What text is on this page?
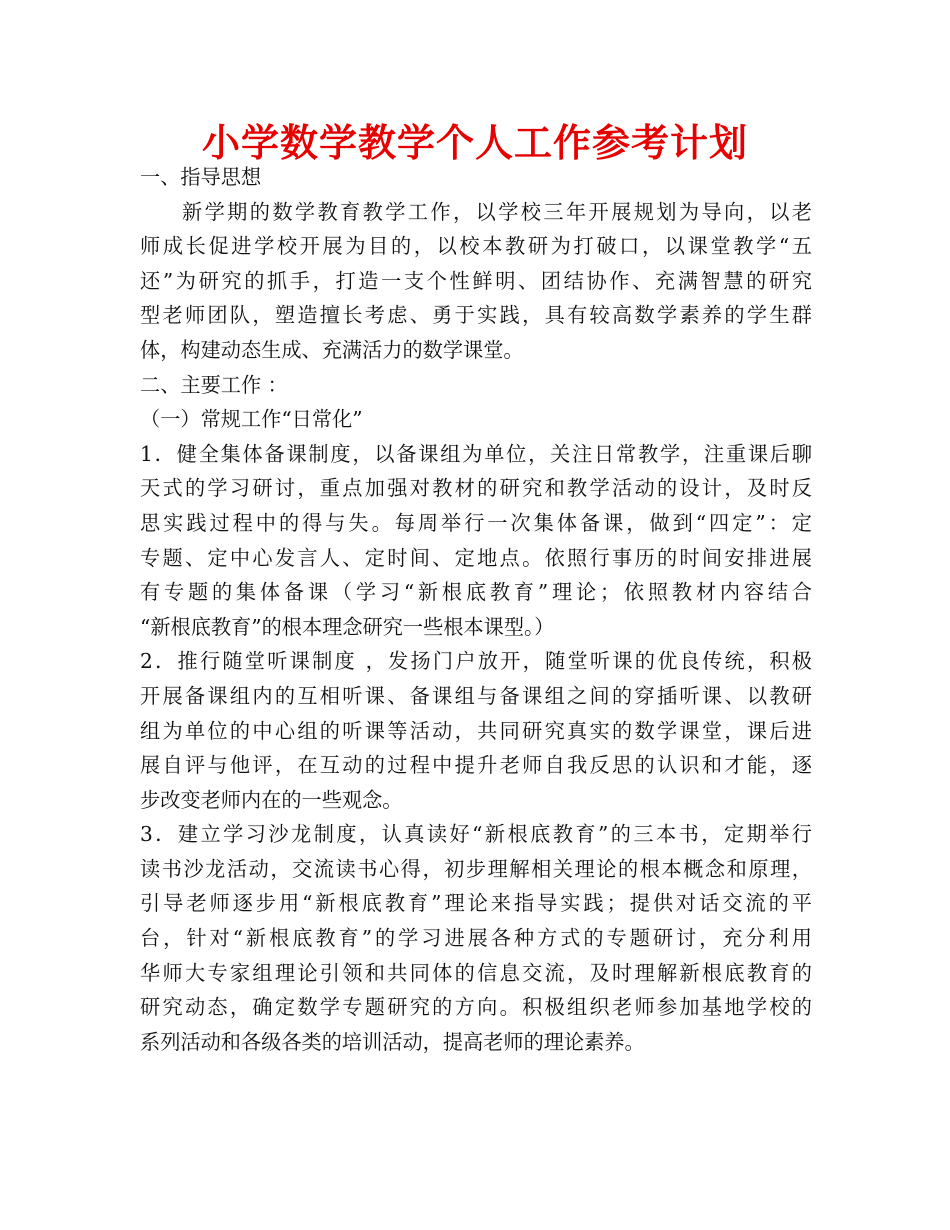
小学数学教学个人工作参考计划
一、指导思想
新学期的数学教育教学工作，以学校三年开展规划为导向，以老
师成长促进学校开展为目的，以校本教研为打破口，以课堂教学“五
还”为研究的抓手，打造一支个性鲜明、团结协作、充满智慧的研究
型老师团队，塑造擅长考虑、勇于实践，具有较高数学素养的学生群
体，构建动态生成、充满活力的数学课堂。
二、主要工作 ：
（一）常规工作“日常化”
1．健全集体备课制度，以备课组为单位，关注日常教学，注重课后聊
天式的学习研讨，重点加强对教材的研究和教学活动的设计，及时反
思实践过程中的得与失。每周举行一次集体备课，做到“四定”：定
专题、定中心发言人、定时间、定地点。依照行事历的时间安排进展
有专题的集体备课（学习“新根底教育”理论；依照教材内容结合
“新根底教育”的根本理念研究一些根本课型。）
2．推行随堂听课制度 ，发扬门户放开，随堂听课的优良传统，积极
开展备课组内的互相听课、备课组与备课组之间的穿插听课、以教研
组为单位的中心组的听课等活动，共同研究真实的数学课堂，课后进
展自评与他评，在互动的过程中提升老师自我反思的认识和才能，逐
步改变老师内在的一些观念。
3．建立学习沙龙制度，认真读好“新根底教育”的三本书，定期举行
读书沙龙活动，交流读书心得，初步理解相关理论的根本概念和原理，
引导老师逐步用“新根底教育”理论来指导实践；提供对话交流的平
台，针对“新根底教育”的学习进展各种方式的专题研讨，充分利用
华师大专家组理论引领和共同体的信息交流，及时理解新根底教育的
研究动态，确定数学专题研究的方向。积极组织老师参加基地学校的
系列活动和各级各类的培训活动，提高老师的理论素养。
